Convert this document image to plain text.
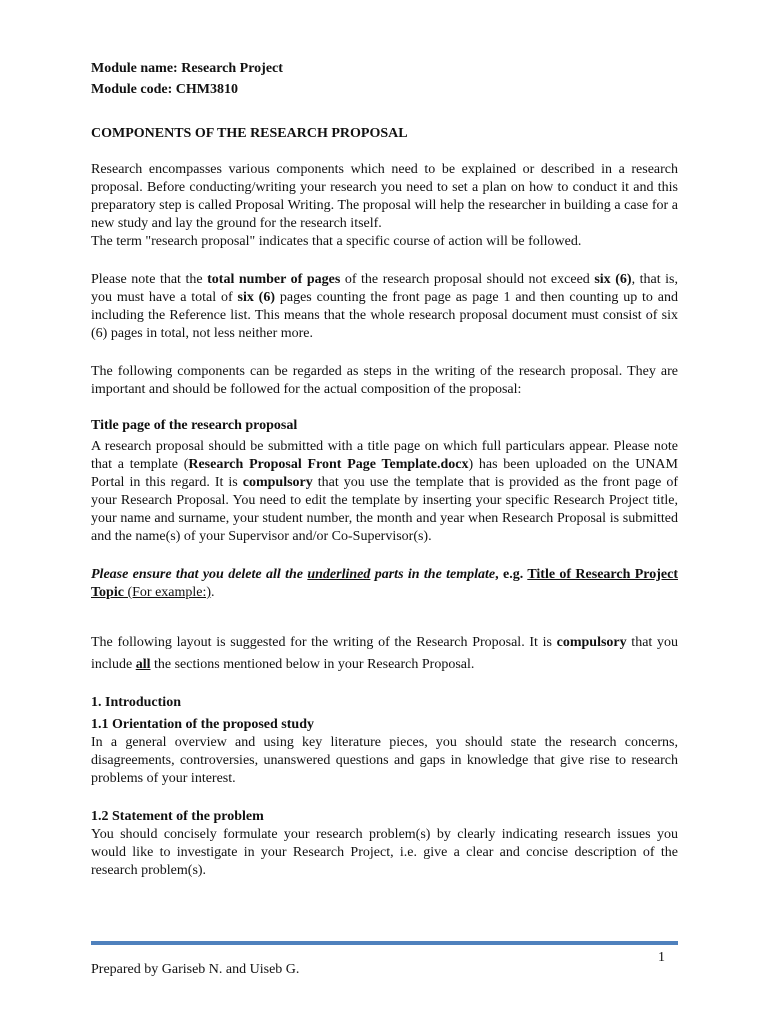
Module name: Research Project
Module code: CHM3810

COMPONENTS OF THE RESEARCH PROPOSAL

Research encompasses various components which need to be explained or described in a research proposal. Before conducting/writing your research you need to set a plan on how to conduct it and this preparatory step is called Proposal Writing. The proposal will help the researcher in building a case for a new study and lay the ground for the research itself.

The term "research proposal" indicates that a specific course of action will be followed.

Please note that the total number of pages of the research proposal should not exceed six (6), that is, you must have a total of six (6) pages counting the front page as page 1 and then counting up to and including the Reference list. This means that the whole research proposal document must consist of six (6) pages in total, not less neither more.

The following components can be regarded as steps in the writing of the research proposal. They are important and should be followed for the actual composition of the proposal:

Title page of the research proposal

A research proposal should be submitted with a title page on which full particulars appear. Please note that a template (Research Proposal Front Page Template.docx) has been uploaded on the UNAM Portal in this regard. It is compulsory that you use the template that is provided as the front page of your Research Proposal. You need to edit the template by inserting your specific Research Project title, your name and surname, your student number, the month and year when Research Proposal is submitted and the name(s) of your Supervisor and/or Co-Supervisor(s).

Please ensure that you delete all the underlined parts in the template, e.g. Title of Research Project Topic (For example:).

The following layout is suggested for the writing of the Research Proposal. It is compulsory that you include all the sections mentioned below in your Research Proposal.

1. Introduction

1.1 Orientation of the proposed study

In a general overview and using key literature pieces, you should state the research concerns, disagreements, controversies, unanswered questions and gaps in knowledge that give rise to research problems of your interest.

1.2 Statement of the problem

You should concisely formulate your research problem(s) by clearly indicating research issues you would like to investigate in your Research Project, i.e. give a clear and concise description of the research problem(s).

1
Prepared by Gariseb N. and Uiseb G.
